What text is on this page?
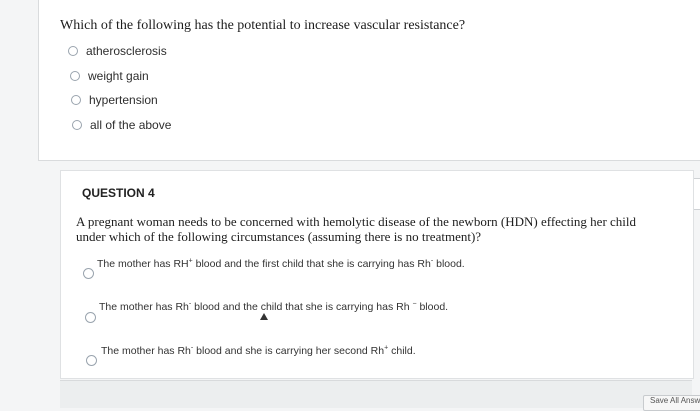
Which of the following has the potential to increase vascular resistance?
atherosclerosis
weight gain
hypertension
all of the above
QUESTION 4
A pregnant woman needs to be concerned with hemolytic disease of the newborn (HDN) effecting her child under which of the following circumstances (assuming there is no treatment)?
The mother has RH+ blood and the first child that she is carrying has Rh- blood.
The mother has Rh- blood and the child that she is carrying has Rh − blood.
The mother has Rh- blood and she is carrying her second Rh+ child.
Save All Answ
